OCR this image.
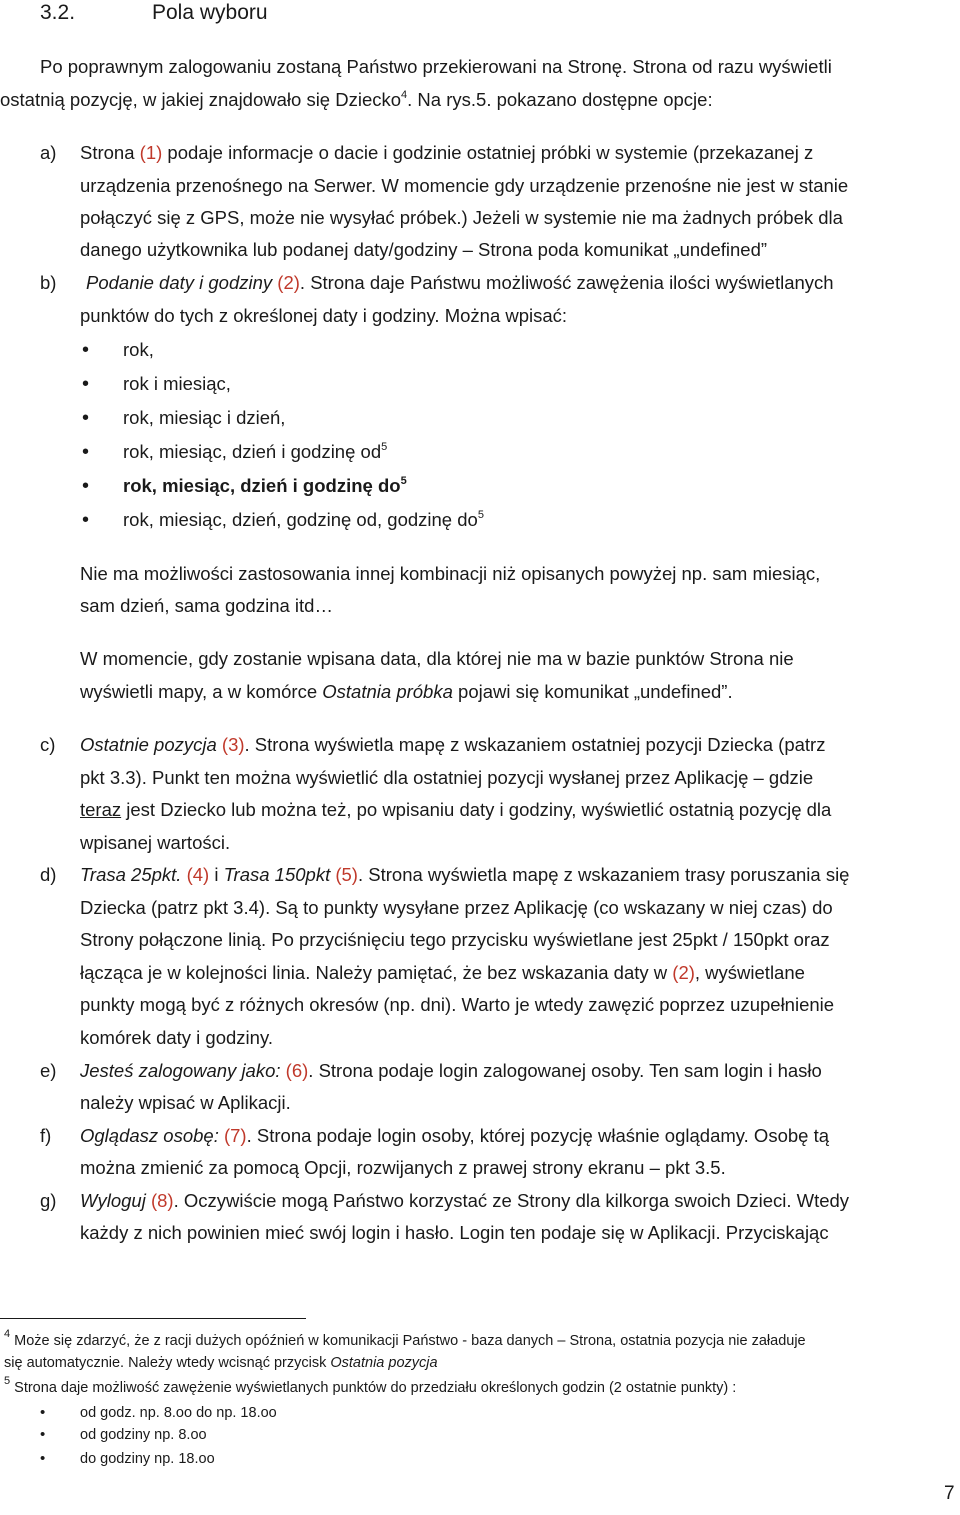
3.2.	Pola wyboru
Po poprawnym zalogowaniu zostaną Państwo przekierowani na Stronę. Strona od razu wyświetli
ostatnią pozycję, w jakiej znajdowało się Dziecko$^4$. Na rys.5. pokazano dostępne opcje:
a) Strona (1) podaje informacje o dacie i godzinie ostatniej próbki w systemie (przekazanej z
urządzenia przenośnego na Serwer. W momencie gdy urządzenie przenośne nie jest w stanie
połączyć się z GPS, może nie wysyłać próbek.) Jeżeli w systemie nie ma żadnych próbek dla
danego użytkownika lub podanej daty/godziny – Strona poda komunikat „undefined”
b) Podanie daty i godziny (2). Strona daje Państwu możliwość zawężenia ilości wyświetlanych
punktów do tych z określonej daty i godziny. Można wpisać:
• rok,
• rok i miesiąc,
• rok, miesiąc i dzień,
• rok, miesiąc, dzień i godzinę $od^5$
• rok, miesiąc, dzień i godzinę $do^5$
• rok, miesiąc, dzień, godzinę od, godzinę $do^5$
Nie ma możliwości zastosowania innej kombinacji niż opisanych powyżej np. sam miesiąc,
sam dzień, sama godzina itd…
W momencie, gdy zostanie wpisana data, dla której nie ma w bazie punktów Strona nie
wyświetli mapy, a w komórce Ostatnia próbka pojawi się komunikat „undefined”.
c) Ostatnie pozycja (3). Strona wyświetla mapę z wskazaniem ostatniej pozycji Dziecka (patrz
pkt 3.3). Punkt ten można wyświetlić dla ostatniej pozycji wysłanej przez Aplikację – gdzie
teraz jest Dziecko lub można też, po wpisaniu daty i godziny, wyświetlić ostatnią pozycję dla
wpisanej wartości.
d) Trasa 25pkt. (4) i Trasa 150pkt (5). Strona wyświetla mapę z wskazaniem trasy poruszania się
Dziecka (patrz pkt 3.4). Są to punkty wysyłane przez Aplikację (co wskazany w niej czas) do
Strony połączone linią. Po przyciśnięciu tego przycisku wyświetlane jest 25pkt / 150pkt oraz
łącząca je w kolejności linia. Należy pamiętać, że bez wskazania daty w (2), wyświetlane
punkty mogą być z różnych okresów (np. dni). Warto je wtedy zawęzić poprzez uzupełnienie
komórek daty i godziny.
e) Jesteś zalogowany jako: (6). Strona podaje login zalogowanej osoby. Ten sam login i hasło
należy wpisać w Aplikacji.
f) Oglądasz osobę: (7). Strona podaje login osoby, której pozycję właśnie oglądamy. Osobę tą
można zmienić za pomocą Opcji, rozwijanych z prawej strony ekranu – pkt 3.5.
g) Wyloguj (8). Oczywiście mogą Państwo korzystać ze Strony dla kilkorga swoich Dzieci. Wtedy
każdy z nich powinien mieć swój login i hasło. Login ten podaje się w Aplikacji. Przyciskając
$^4$ Może się zdarzyć, że z racji dużych opóźnień w komunikacji Państwo - baza danych – Strona, ostatnia pozycja nie załaduje
się automatycznie. Należy wtedy wcisnąć przycisk Ostatnia pozycja
$^5$ Strona daje możliwość zawężenie wyświetlanych punktów do przedziału określonych godzin (2 ostatnie punkty) :
• od godz. np. 8.oo do np. 18.oo
• od godziny np. 8.oo
• do godziny np. 18.oo
7
